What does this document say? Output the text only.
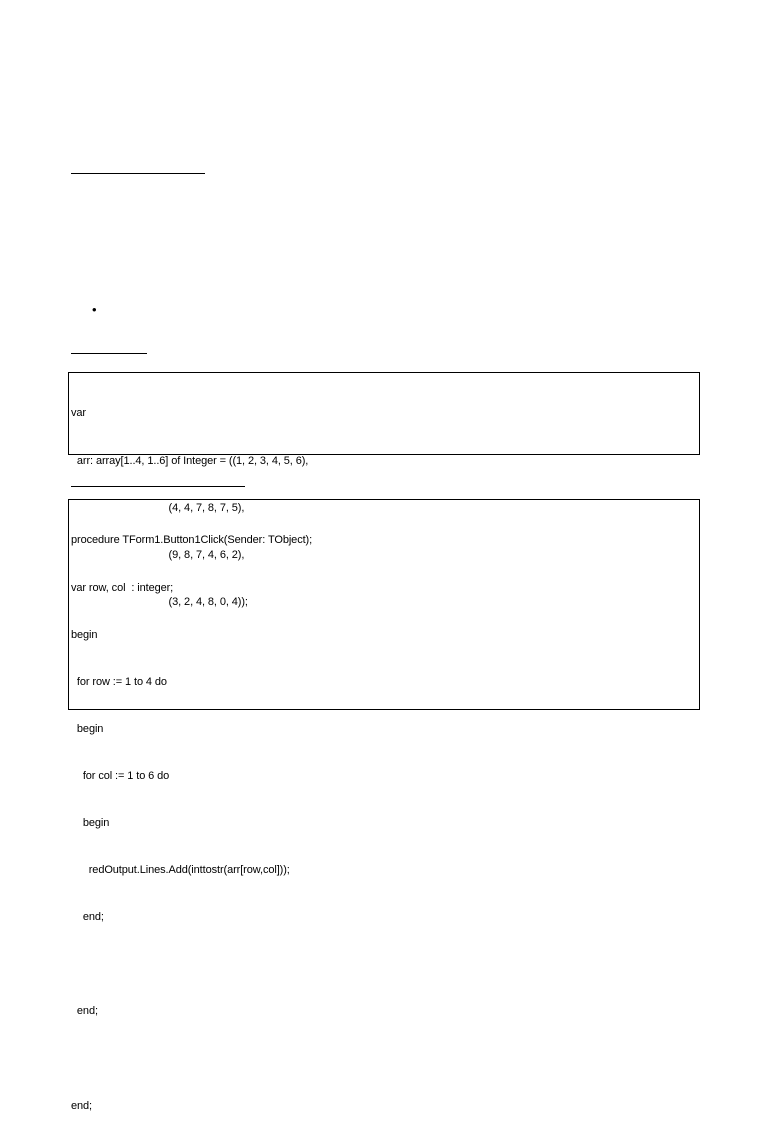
•

var

arr: array[1..4, 1..6] of Integer = ((1, 2, 3, 4, 5, 6),

(4, 4, 7, 8, 7, 5),

(9, 8, 7, 4, 6, 2),

(3, 2, 4, 8, 0, 4));

procedure TForm1.Button1Click(Sender: TObject);

var row, col  : integer;

begin

for row := 1 to 4 do

begin

for col := 1 to 6 do

begin

redOutput.Lines.Add(inttostr(arr[row,col]));

end;

end;

end;
